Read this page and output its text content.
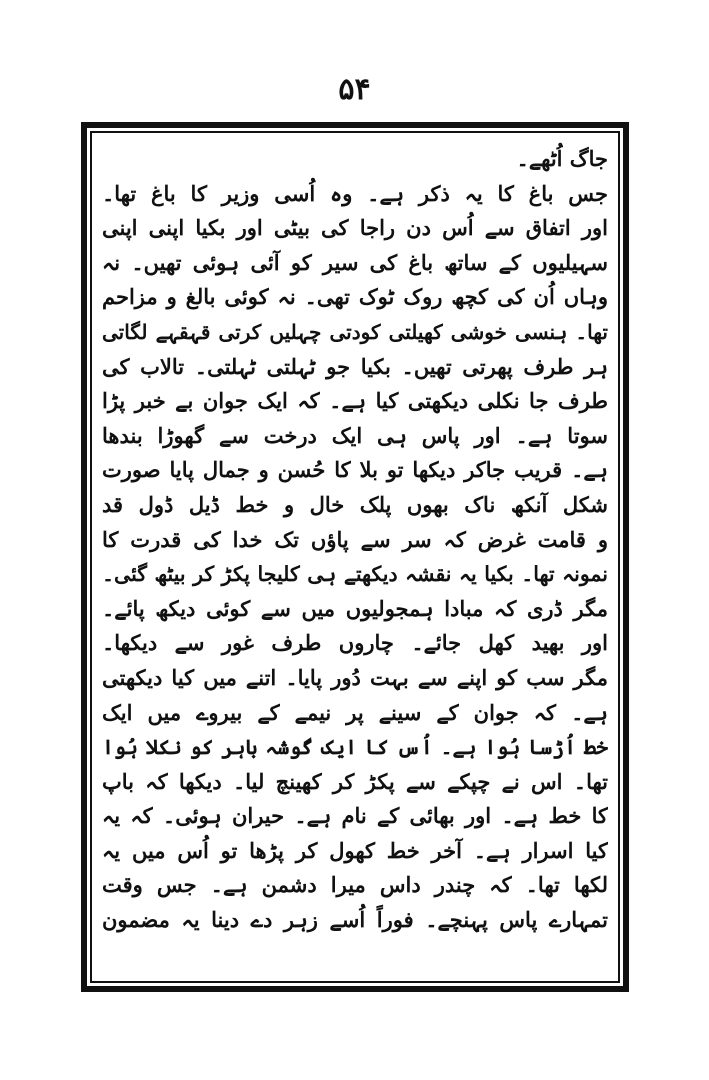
۵۴
جاگ اُٹھے۔
جس باغ کا یہ ذکر ہے۔ وہ اُسی وزیر کا باغ تھا۔
اور اتفاق سے اُس دن راجا کی بیٹی اور بکیا اپنی اپنی
سہیلیوں کے ساتھ باغ کی سیر کو آئی ہوئی تھیں۔ نہ
وہاں اُن کی کچھ روک ٹوک تھی۔ نہ کوئی بالغ و مزاحم
تھا۔ ہنسی خوشی کھیلتی کودتی چہلیں کرتی قہقہے لگاتی
ہر طرف پھرتی تھیں۔ بکیا جو ٹہلتی ٹہلتی۔ تالاب کی
طرف جا نکلی دیکھتی کیا ہے۔ کہ ایک جوان بے خبر پڑا
سوتا ہے۔ اور پاس ہی ایک درخت سے گھوڑا بندھا
ہے۔ قریب جاکر دیکھا تو بلا کا حُسن و جمال پایا صورت
شکل آنکھ ناک بھوں پلک خال و خط ڈیل ڈول قد
و قامت غرض کہ سر سے پاؤں تک خدا کی قدرت کا
نمونہ تھا۔ بکیا یہ نقشہ دیکھتے ہی کلیجا پکڑ کر بیٹھ گئی۔
مگر ڈری کہ مبادا ہمجولیوں میں سے کوئی دیکھ پائے۔
اور بھید کھل جائے۔ چاروں طرف غور سے دیکھا۔
مگر سب کو اپنے سے بہت دُور پایا۔ اتنے میں کیا دیکھتی
ہے۔ کہ جوان کے سینے پر نیمے کے بیروے میں ایک
خط اُڑسا ہُوا ہے۔ اُس کا ایک گوشہ باہر کو نکلا ہُوا
تھا۔ اس نے چپکے سے پکڑ کر کھینچ لیا۔ دیکھا کہ باپ
کا خط ہے۔ اور بھائی کے نام ہے۔ حیران ہوئی۔ کہ یہ
کیا اسرار ہے۔ آخر خط کھول کر پڑھا تو اُس میں یہ
لکھا تھا۔ کہ چندر داس میرا دشمن ہے۔ جس وقت
تمہارے پاس پہنچے۔ فوراً اُسے زہر دے دینا یہ مضمون
